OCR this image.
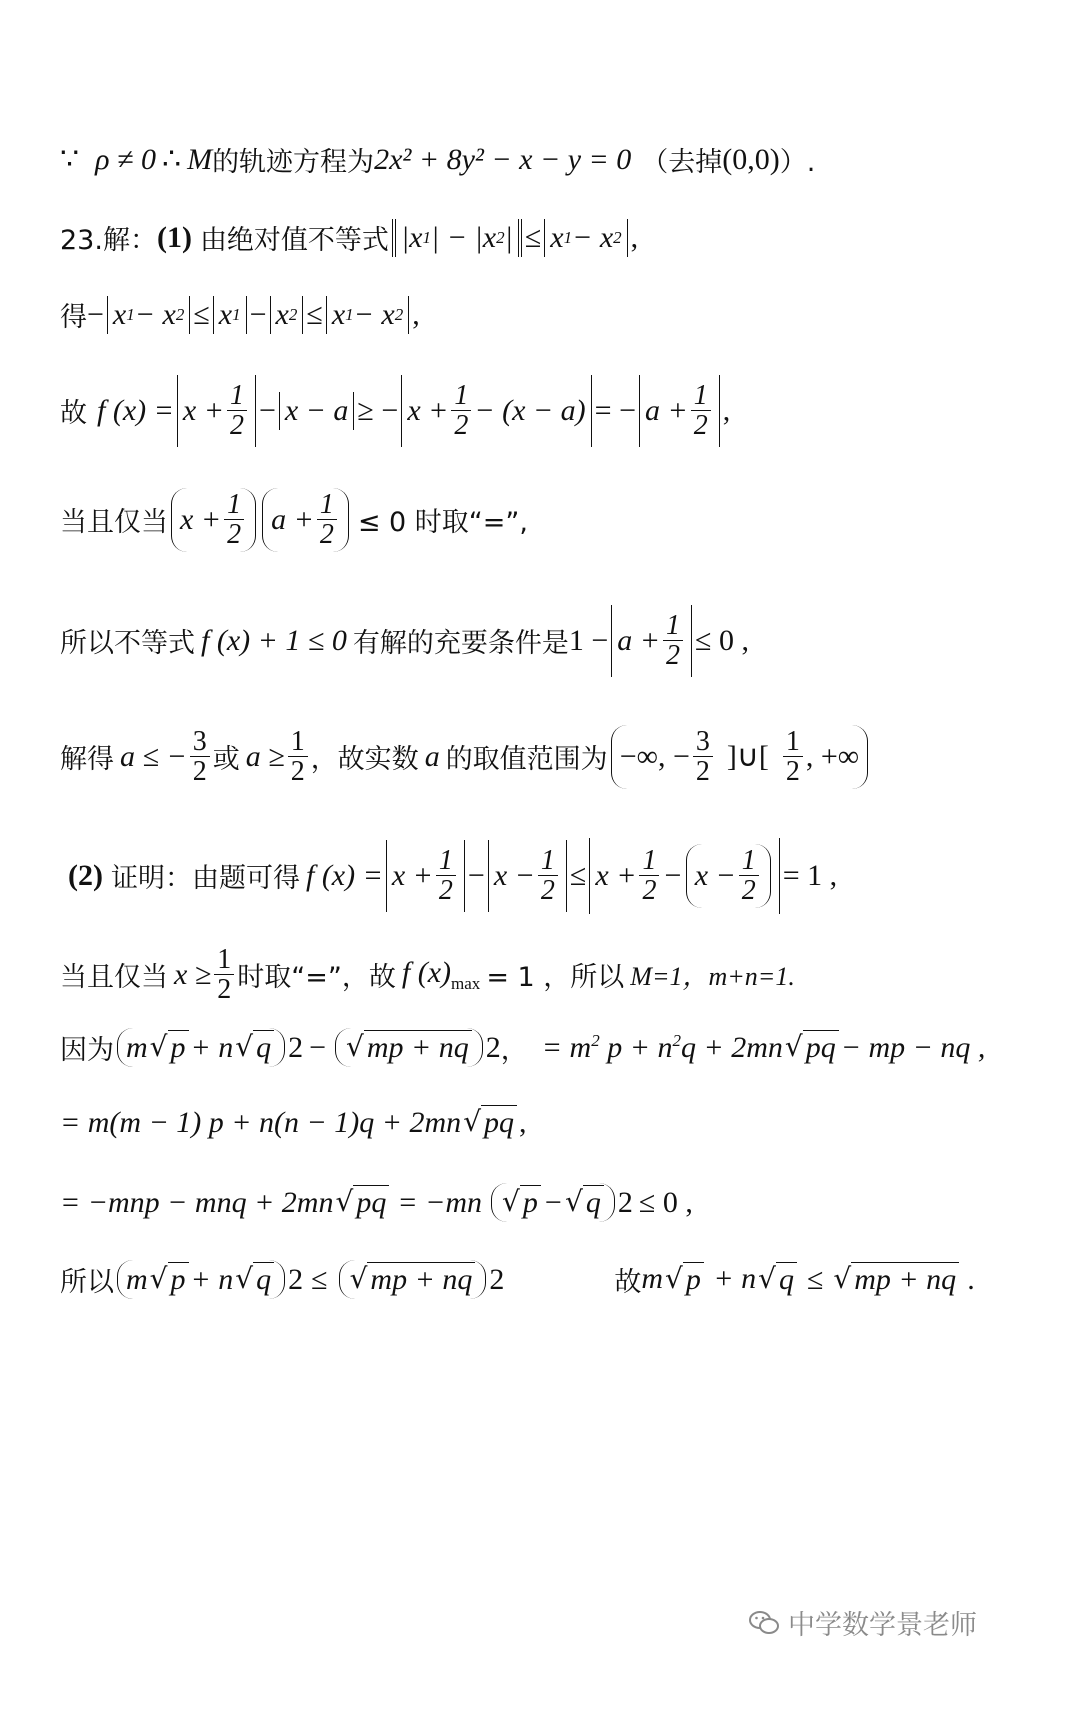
∵ ρ ≠ 0 ∴ M 的轨迹方程为 2x² + 8y² − x − y = 0 （去掉 (0,0) ）.
23.解： (1) 由绝对值不等式 |x 1 | − |x 2 | ≤ x 1 − x 2 ,
得 − x 1 − x 2 ≤ x 1 − x 2 ≤ x 1 − x 2 ,
故 f $(x) = x + \frac{1}{2} - x - a$ ≥ − $x + \frac{1}{2} - (x - a)$ = − $a + \frac{1}{2}$ ,
当且仅当 $x + \frac{1}{2}$ $a + \frac{1}{2} \le 0$ 时取“=”,
所以不等式 f (x) + 1 ≤ 0 有解的充要条件是 $1 - a + \frac{1}{2} \le 0$ ,
解得 a ≤ − $\frac{3}{2}$ 或 $a \ge \frac{1}{2}$ ，故实数 a 的取值范围为 −∞, − $\frac{3}{2}$ ]∪[ $\frac{1}{2}$ , +∞
(2) 证明：由题可得 f $(x) = x + \frac{1}{2} - x - \frac{1}{2} \le x + \frac{1}{2} - x - \frac{1}{2} = 1$ ,
当且仅当 $x \ge \frac{1}{2}$ 时取“=”，故 f $(x)_{max} = 1$ ，所以 M=1，m+n=1.
因为 m √ p + n √ q 2 − √ mp + nq 2 ， = $m^2$ $p + n^2q + 2mn$ √ pq − mp − nq ,
= m(m − 1) p + n(n − 1)q + 2mn √ pq ,
= −mnp − mnq + 2mn √ pq = −mn √ p − √ q 2 ≤ 0 ,
所以 m √ p + n √ q 2 ≤ √ mp + nq 2	故 m √ p + n √ q ≤ √ mp + nq .
中学数学景老师
